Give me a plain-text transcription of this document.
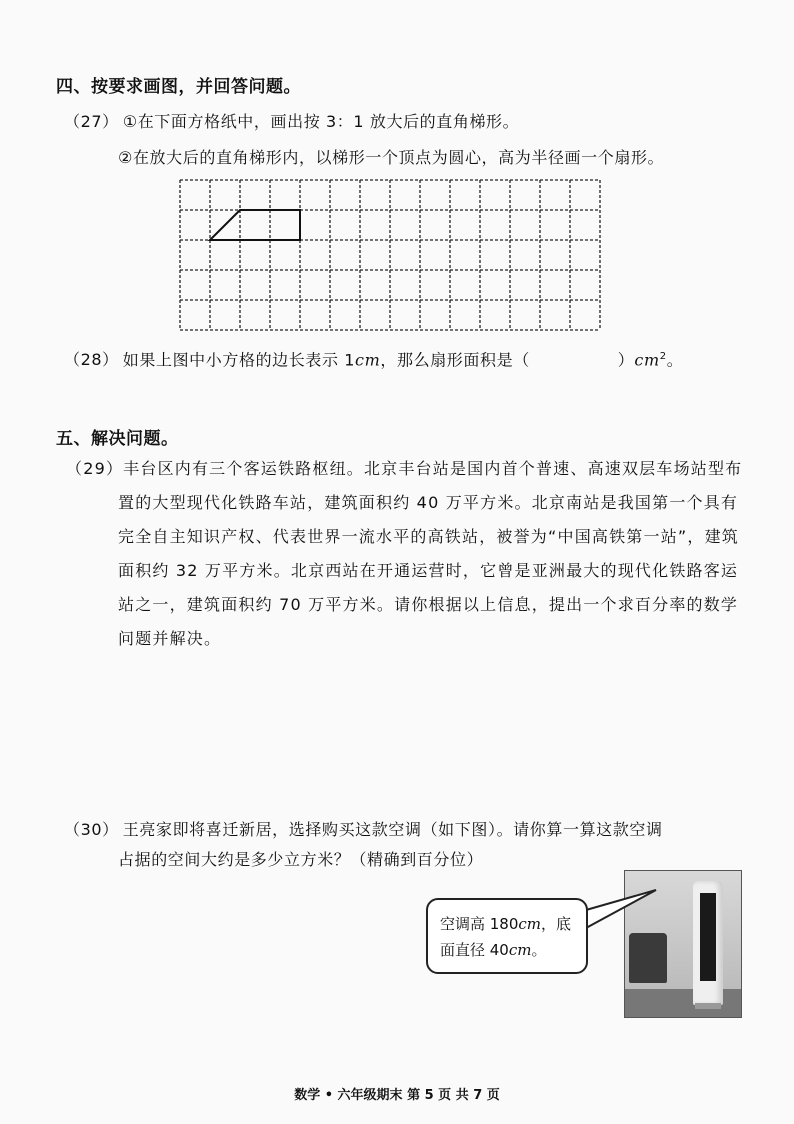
四、按要求画图，并回答问题。
（27） ①在下面方格纸中，画出按 3：1 放大后的直角梯形。
②在放大后的直角梯形内，以梯形一个顶点为圆心，高为半径画一个扇形。
（28） 如果上图中小方格的边长表示 1cm，那么扇形面积是（	）$cm^2$。
五、解决问题。
（29）丰台区内有三个客运铁路枢纽。北京丰台站是国内首个普速、高速双层车场站型布置的大型现代化铁路车站，建筑面积约 40 万平方米。北京南站是我国第一个具有完全自主知识产权、代表世界一流水平的高铁站，被誉为“中国高铁第一站”，建筑面积约 32 万平方米。北京西站在开通运营时，它曾是亚洲最大的现代化铁路客运站之一，建筑面积约 70 万平方米。请你根据以上信息，提出一个求百分率的数学问题并解决。
（30） 王亮家即将喜迁新居，选择购买这款空调（如下图）。请你算一算这款空调
占据的空间大约是多少立方米？（精确到百分位）
空调高 180cm，底
面直径 40cm。
数学 • 六年级期末 第 5 页 共 7 页
